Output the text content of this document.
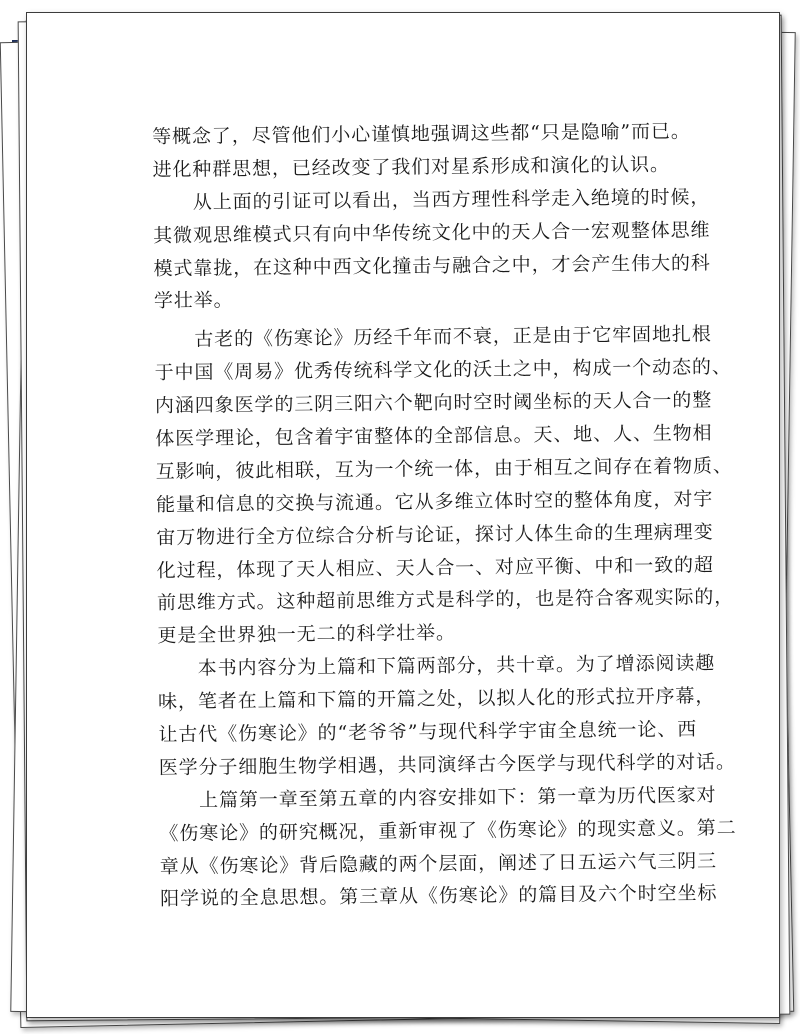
等概念了，尽管他们小心谨慎地强调这些都“只是隐喻”而已。
进化种群思想，已经改变了我们对星系形成和演化的认识。
从上面的引证可以看出，当西方理性科学走入绝境的时候，
其微观思维模式只有向中华传统文化中的天人合一宏观整体思维
模式靠拢，在这种中西文化撞击与融合之中，才会产生伟大的科
学壮举。
古老的《伤寒论》历经千年而不衰，正是由于它牢固地扎根
于中国《周易》优秀传统科学文化的沃土之中，构成一个动态的、
内涵四象医学的三阴三阳六个靶向时空时阈坐标的天人合一的整
体医学理论，包含着宇宙整体的全部信息。天、地、人、生物相
互影响，彼此相联，互为一个统一体，由于相互之间存在着物质、
能量和信息的交换与流通。它从多维立体时空的整体角度，对宇
宙万物进行全方位综合分析与论证，探讨人体生命的生理病理变
化过程，体现了天人相应、天人合一、对应平衡、中和一致的超
前思维方式。这种超前思维方式是科学的，也是符合客观实际的，
更是全世界独一无二的科学壮举。
本书内容分为上篇和下篇两部分，共十章。为了增添阅读趣
味，笔者在上篇和下篇的开篇之处，以拟人化的形式拉开序幕，
让古代《伤寒论》的“老爷爷”与现代科学宇宙全息统一论、西
医学分子细胞生物学相遇，共同演绎古今医学与现代科学的对话。
上篇第一章至第五章的内容安排如下：第一章为历代医家对
《伤寒论》的研究概况，重新审视了《伤寒论》的现实意义。第二
章从《伤寒论》背后隐藏的两个层面，阐述了日五运六气三阴三
阳学说的全息思想。第三章从《伤寒论》的篇目及六个时空坐标
